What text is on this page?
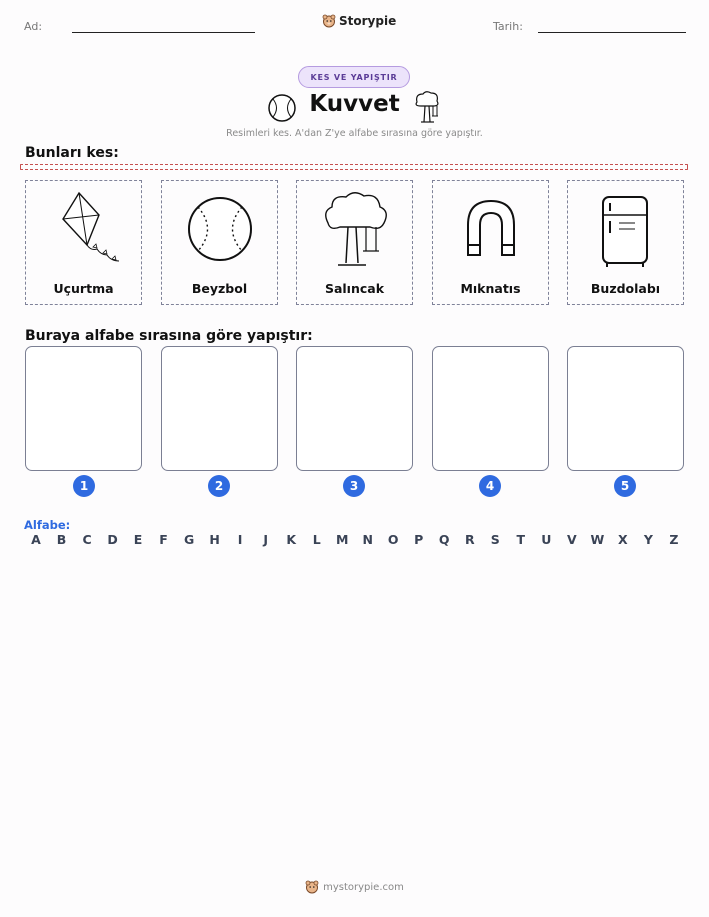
Ad:	Storypie	Tarih:
KES VE YAPIŞTIR
Kuvvet
Resimleri kes. A'dan Z'ye alfabe sırasına göre yapıştır.
Bunları kes:
Uçurtma	Beyzbol	Salıncak	Mıknatıs	Buzdolabı
Buraya alfabe sırasına göre yapıştır:
1	2	3	4	5
Alfabe:
A	B	C	D	E	F	G	H	I	J	K	L	M	N	O	P	Q	R	S	T	U	V	W	X	Y	Z
mystorypie.com
